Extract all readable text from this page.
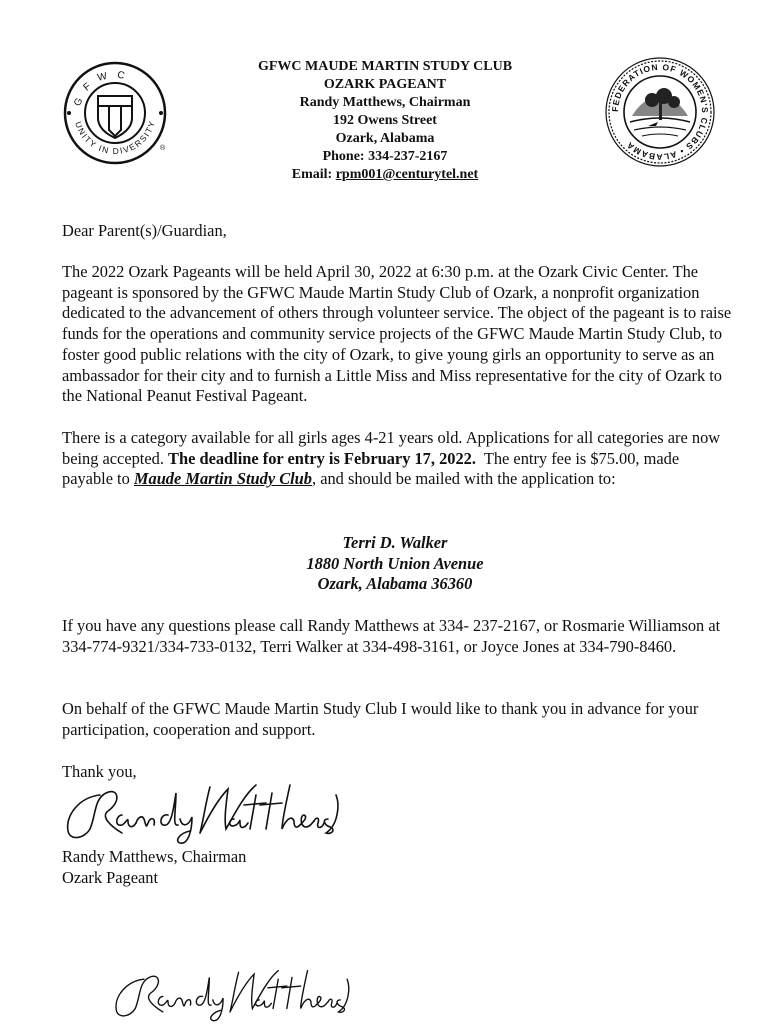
GFWC
UNITY IN DIVERSITY
®
GFWC MAUDE MARTIN STUDY CLUB
OZARK PAGEANT
Randy Matthews, Chairman
192 Owens Street
Ozark, Alabama
Phone: 334-237-2167
Email: rpm001@centurytel.net
FEDERATION OF WOMEN'S CLUBS • ALABAMA

Dear Parent(s)/Guardian,

The 2022 Ozark Pageants will be held April 30, 2022 at 6:30 p.m. at the Ozark Civic Center. The pageant is sponsored by the GFWC Maude Martin Study Club of Ozark, a nonprofit organization dedicated to the advancement of others through volunteer service. The object of the pageant is to raise funds for the operations and community service projects of the GFWC Maude Martin Study Club, to foster good public relations with the city of Ozark, to give young girls an opportunity to serve as an ambassador for their city and to furnish a Little Miss and Miss representative for the city of Ozark to the National Peanut Festival Pageant.

There is a category available for all girls ages 4-21 years old. Applications for all categories are now being accepted. The deadline for entry is February 17, 2022.  The entry fee is $75.00, made payable to Maude Martin Study Club, and should be mailed with the application to:

Terri D. Walker
1880 North Union Avenue
Ozark, Alabama 36360

If you have any questions please call Randy Matthews at 334- 237-2167, or Rosmarie Williamson at 334-774-9321/334-733-0132, Terri Walker at 334-498-3161, or Joyce Jones at 334-790-8460.

On behalf of the GFWC Maude Martin Study Club I would like to thank you in advance for your participation, cooperation and support.

Thank you,

Randy Matthews, Chairman
Ozark Pageant
